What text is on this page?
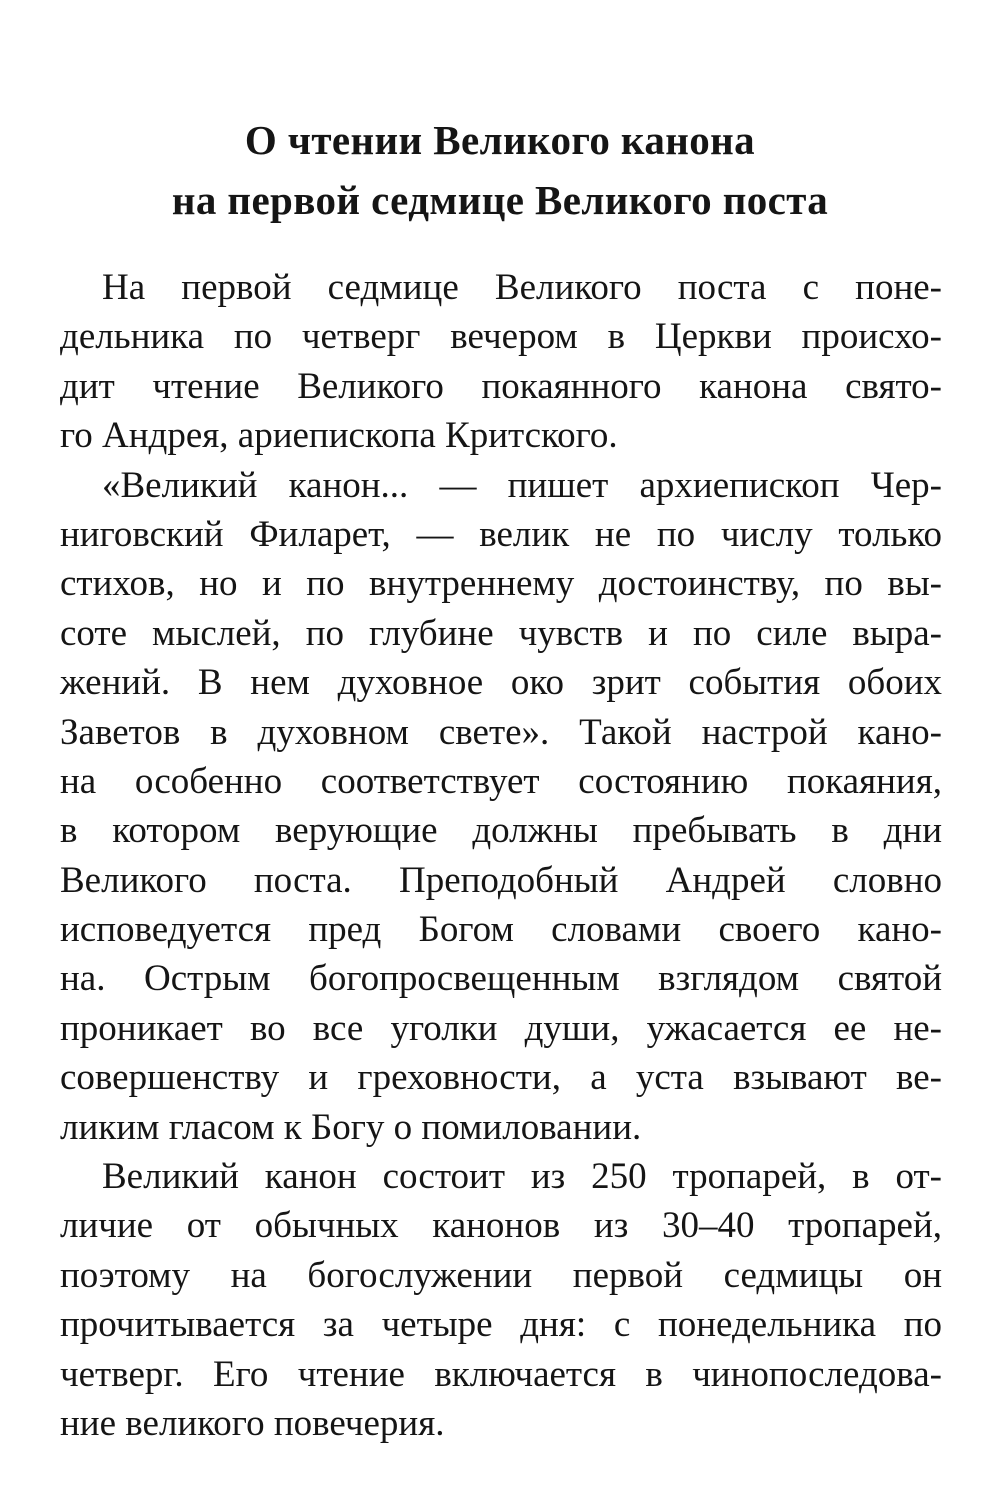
О чтении Великого канона
на первой седмице Великого поста
На первой седмице Великого поста с поне-
дельника по четверг вечером в Церкви происхо-
дит чтение Великого покаянного канона свято-
го Андрея, ариепископа Критского.
«Великий канон... — пишет архиепископ Чер-
ниговский Филарет, — велик не по числу только
стихов, но и по внутреннему достоинству, по вы-
соте мыслей, по глубине чувств и по силе выра-
жений. В нем духовное око зрит события обоих
Заветов в духовном свете». Такой настрой кано-
на особенно соответствует состоянию покаяния,
в котором верующие должны пребывать в дни
Великого поста. Преподобный Андрей словно
исповедуется пред Богом словами своего кано-
на. Острым богопросвещенным взглядом святой
проникает во все уголки души, ужасается ее не-
совершенству и греховности, а уста взывают ве-
ликим гласом к Богу о помиловании.
Великий канон состоит из 250 тропарей, в от-
личие от обычных канонов из 30–40 тропарей,
поэтому на богослужении первой седмицы он
прочитывается за четыре дня: с понедельника по
четверг. Его чтение включается в чинопоследова-
ние великого повечерия.
